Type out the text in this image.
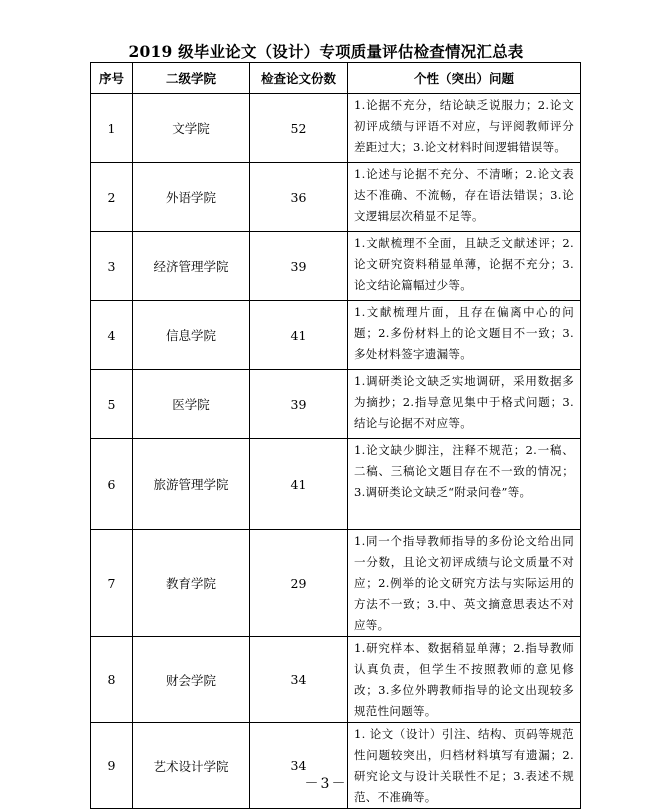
2019 级毕业论文（设计）专项质量评估检查情况汇总表
序号	二级学院	检查论文份数	个性（突出）问题
1	文学院	52	1.论据不充分，结论缺乏说服力；2.论文初评成绩与评语不对应，与评阅教师评分差距过大；3.论文材料时间逻辑错误等。
2	外语学院	36	1.论述与论据不充分、不清晰；2.论文表达不准确、不流畅，存在语法错误；3.论文逻辑层次稍显不足等。
3	经济管理学院	39	1.文献梳理不全面，且缺乏文献述评；2.论文研究资料稍显单薄，论据不充分；3.论文结论篇幅过少等。
4	信息学院	41	1.文献梳理片面，且存在偏离中心的问题；2.多份材料上的论文题目不一致；3.多处材料签字遗漏等。
5	医学院	39	1.调研类论文缺乏实地调研，采用数据多为摘抄；2.指导意见集中于格式问题；3.结论与论据不对应等。
6	旅游管理学院	41	1.论文缺少脚注，注释不规范；2.一稿、二稿、三稿论文题目存在不一致的情况；3.调研类论文缺乏“附录问卷”等。
7	教育学院	29	1.同一个指导教师指导的多份论文给出同一分数，且论文初评成绩与论文质量不对应；2.例举的论文研究方法与实际运用的方法不一致；3.中、英文摘意思表达不对应等。
8	财会学院	34	1.研究样本、数据稍显单薄；2.指导教师认真负责，但学生不按照教师的意见修改；3.多位外聘教师指导的论文出现较多规范性问题等。
9	艺术设计学院	34	1. 论文（设计）引注、结构、页码等规范性问题较突出，归档材料填写有遗漏；2.研究论文与设计关联性不足；3.表述不规范、不准确等。
－3－
